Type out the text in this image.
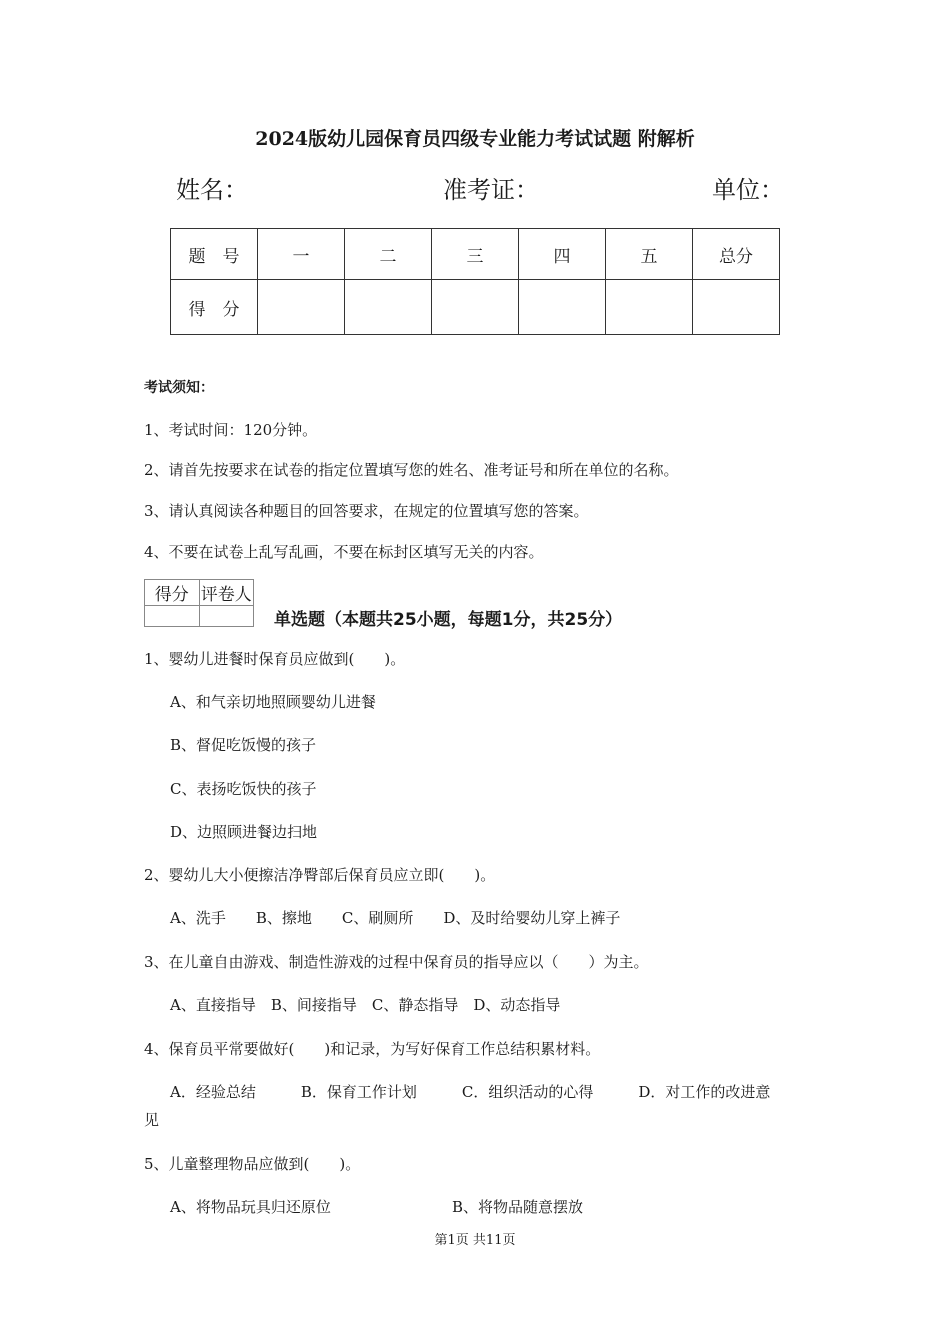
2024版幼儿园保育员四级专业能力考试试题 附解析
姓名：	准考证：	单位：
题　号	一	二	三	四	五	总分
得　分						
考试须知：
1、考试时间：120分钟。
2、请首先按要求在试卷的指定位置填写您的姓名、准考证号和所在单位的名称。
3、请认真阅读各种题目的回答要求，在规定的位置填写您的答案。
4、不要在试卷上乱写乱画，不要在标封区填写无关的内容。
得分	评卷人

单选题（本题共25小题，每题1分，共25分）
1、婴幼儿进餐时保育员应做到(　　)。
A、和气亲切地照顾婴幼儿进餐
B、督促吃饭慢的孩子
C、表扬吃饭快的孩子
D、边照顾进餐边扫地
2、婴幼儿大小便擦洁净臀部后保育员应立即(　　)。
A、洗手　　B、擦地　　C、刷厕所　　D、及时给婴幼儿穿上裤子
3、在儿童自由游戏、制造性游戏的过程中保育员的指导应以（　　）为主。
A、直接指导　B、间接指导　C、静态指导　D、动态指导
4、保育员平常要做好(　　)和记录，为写好保育工作总结积累材料。
A．经验总结　　　B．保育工作计划　　　C．组织活动的心得　　　D．对工作的改进意
见
5、儿童整理物品应做到(　　)。
A、将物品玩具归还原位	B、将物品随意摆放
第1页 共11页
